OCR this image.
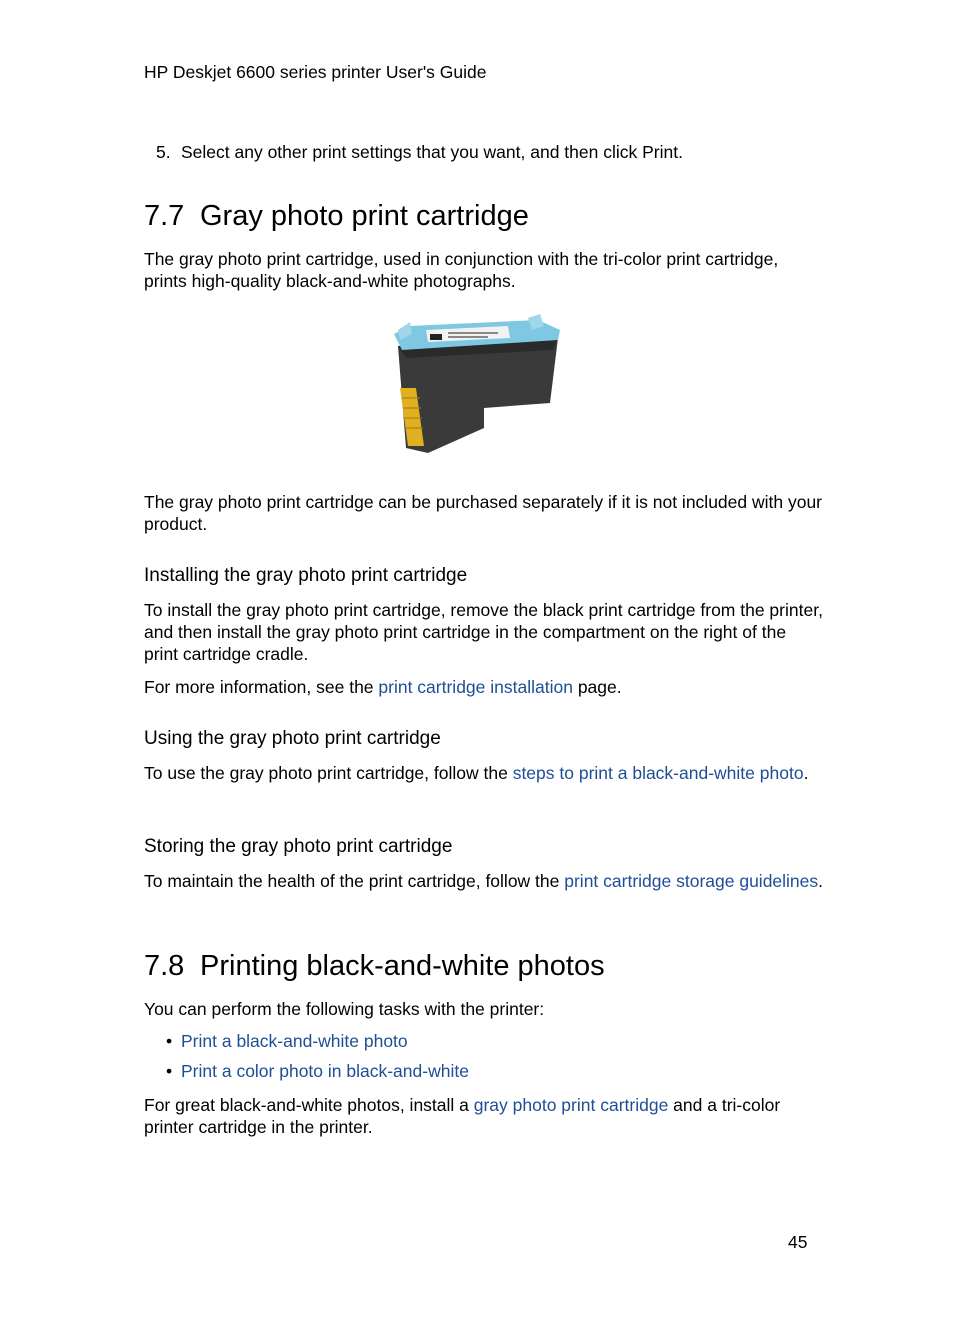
HP Deskjet 6600 series printer User's Guide
5. Select any other print settings that you want, and then click Print.
7.7 Gray photo print cartridge
The gray photo print cartridge, used in conjunction with the tri-color print cartridge, prints high-quality black-and-white photographs.
The gray photo print cartridge can be purchased separately if it is not included with your product.
Installing the gray photo print cartridge
To install the gray photo print cartridge, remove the black print cartridge from the printer, and then install the gray photo print cartridge in the compartment on the right of the print cartridge cradle.
For more information, see the print cartridge installation page.
Using the gray photo print cartridge
To use the gray photo print cartridge, follow the steps to print a black-and-white photo.
Storing the gray photo print cartridge
To maintain the health of the print cartridge, follow the print cartridge storage guidelines.
7.8 Printing black-and-white photos
You can perform the following tasks with the printer:
• Print a black-and-white photo
• Print a color photo in black-and-white
For great black-and-white photos, install a gray photo print cartridge and a tri-color printer cartridge in the printer.
45
